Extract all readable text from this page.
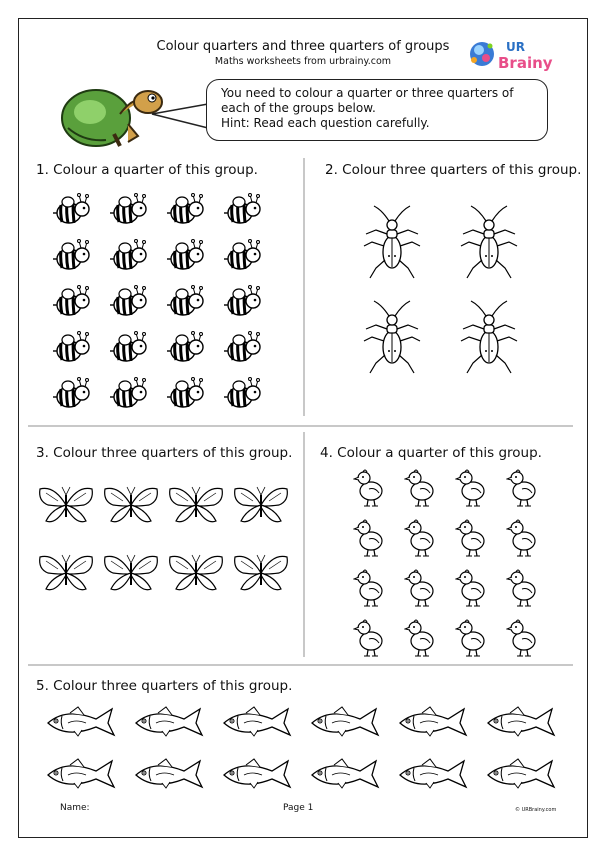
Colour quarters and three quarters of groups
Maths worksheets from urbrainy.com
UR
Brainy
You need to colour a quarter or three quarters of
each of the groups below.
Hint: Read each question carefully.
1. Colour a quarter of this group.	2. Colour three quarters of this group.
3. Colour three quarters of this group. 4. Colour a quarter of this group.
5. Colour three quarters of this group.
Name:	Page 1	© URBrainy.com
